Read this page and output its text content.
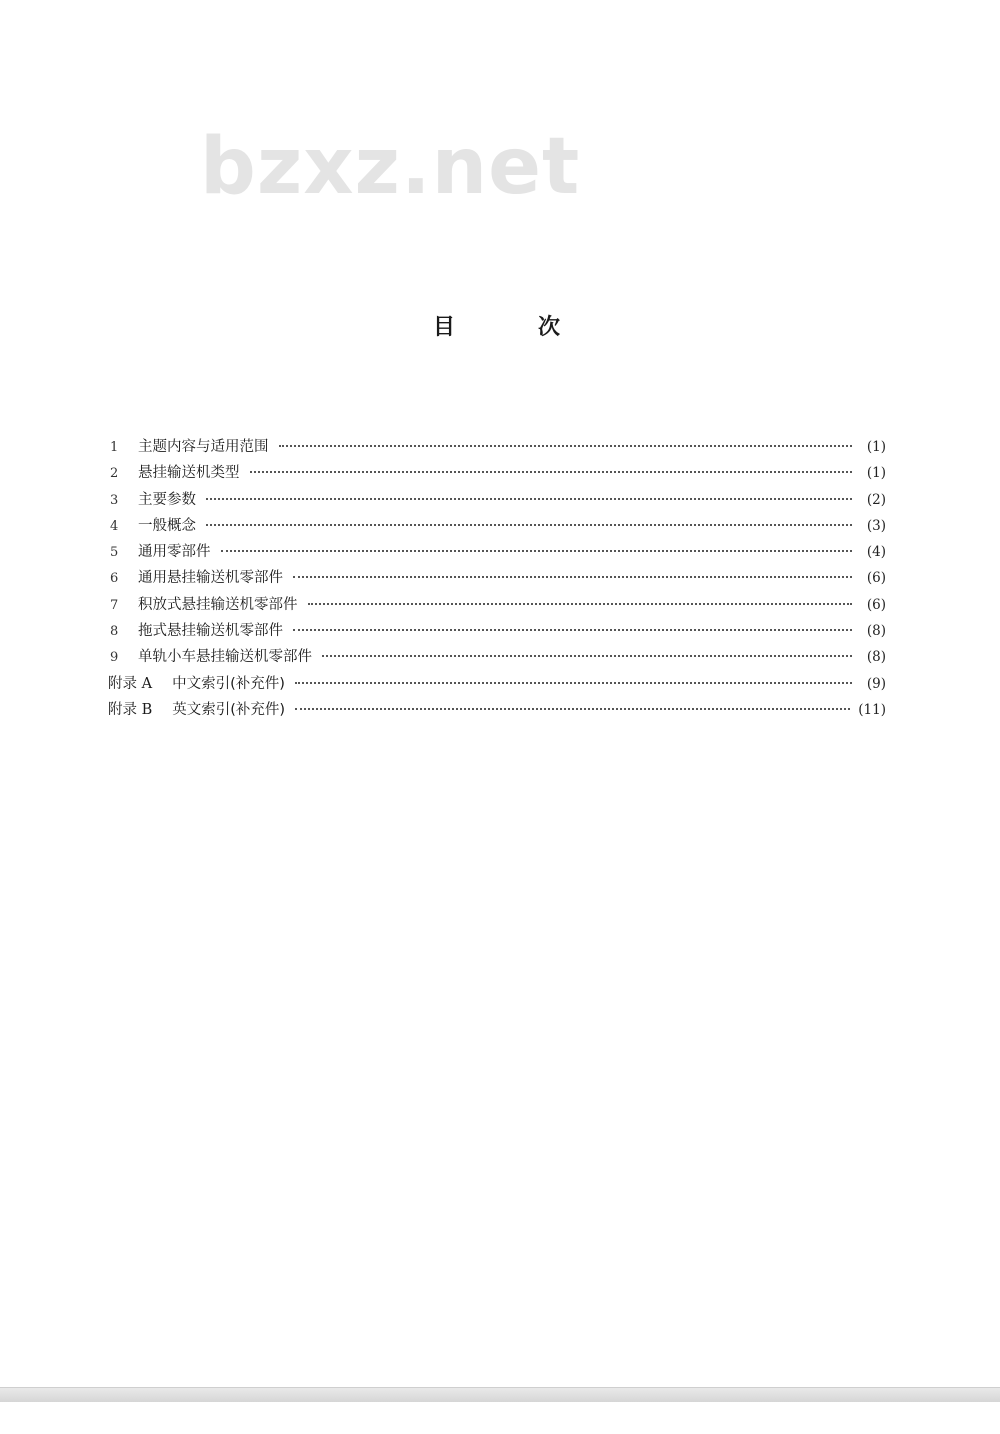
bzxz.net
目	次
1	主题内容与适用范围	(1)
2	悬挂输送机类型	(1)
3	主要参数	(2)
4	一般概念	(3)
5	通用零部件	(4)
6	通用悬挂输送机零部件	(6)
7	积放式悬挂输送机零部件	(6)
8	拖式悬挂输送机零部件	(8)
9	单轨小车悬挂输送机零部件	(8)
附录 A 中文索引(补充件)	(9)
附录 B 英文索引(补充件)	(11)
